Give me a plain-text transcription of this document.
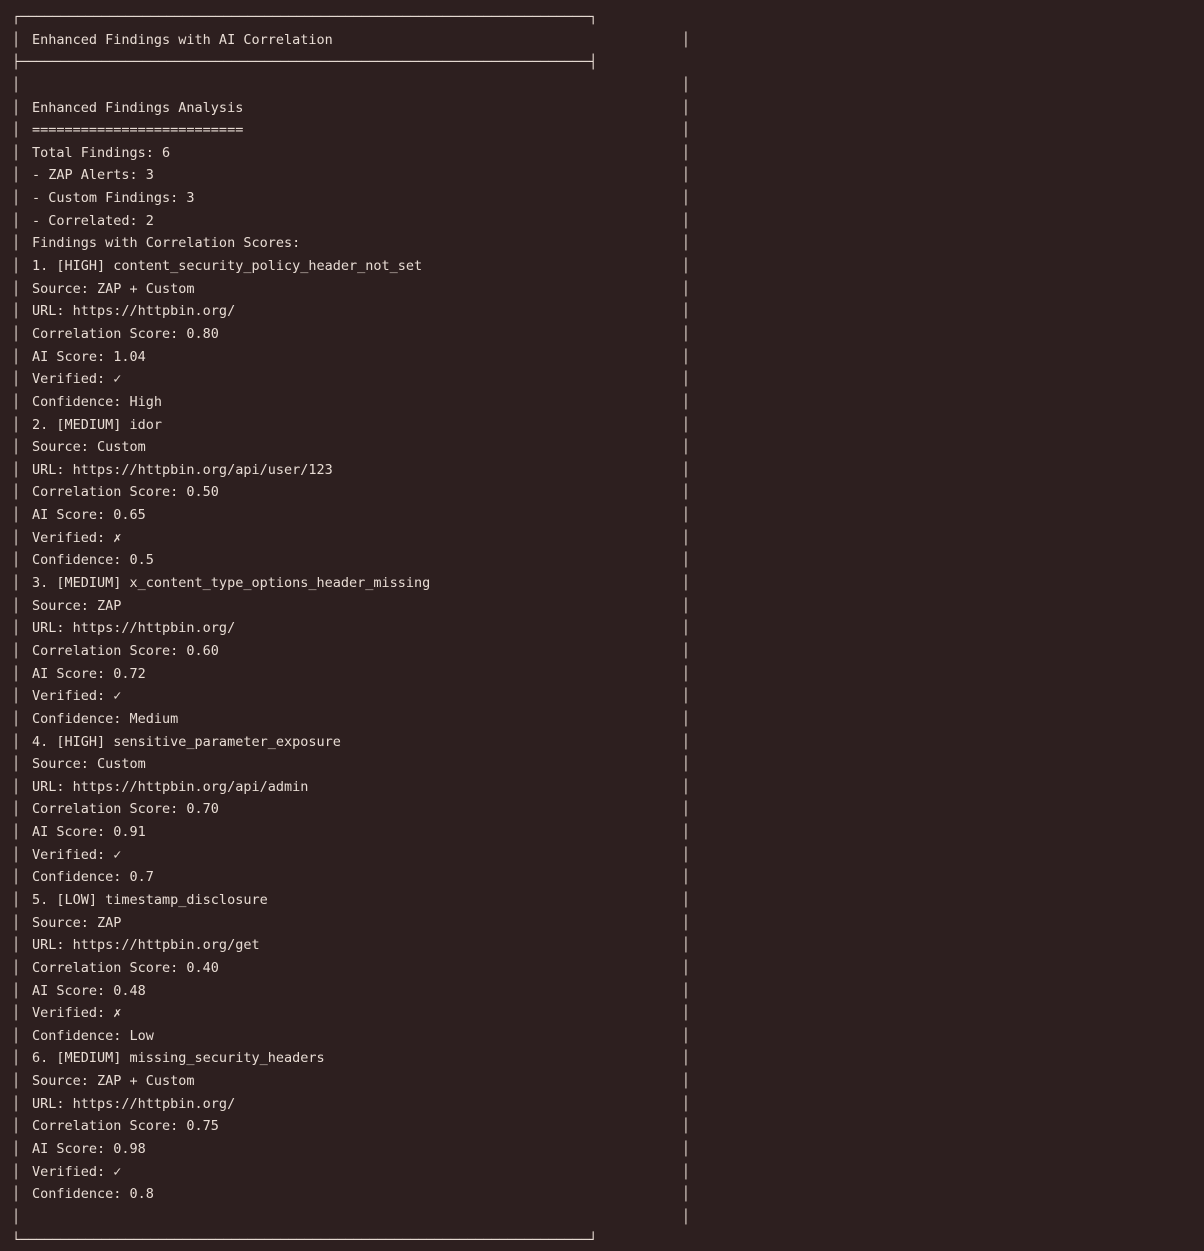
┌──────────────────────────────────────────────────────────────────────┐
│ Enhanced Findings with AI Correlation	│
├──────────────────────────────────────────────────────────────────────┤
│	│
│ Enhanced Findings Analysis	│
│ ==========================	│
│ Total Findings: 6	│
│ - ZAP Alerts: 3	│
│ - Custom Findings: 3	│
│ - Correlated: 2	│
│ Findings with Correlation Scores:	│
│ 1. [HIGH] content_security_policy_header_not_set	│
│ Source: ZAP + Custom	│
│ URL: https://httpbin.org/	│
│ Correlation Score: 0.80	│
│ AI Score: 1.04	│
│ Verified: ✓	│
│ Confidence: High	│
│ 2. [MEDIUM] idor	│
│ Source: Custom	│
│ URL: https://httpbin.org/api/user/123	│
│ Correlation Score: 0.50	│
│ AI Score: 0.65	│
│ Verified: ✗	│
│ Confidence: 0.5	│
│ 3. [MEDIUM] x_content_type_options_header_missing	│
│ Source: ZAP	│
│ URL: https://httpbin.org/	│
│ Correlation Score: 0.60	│
│ AI Score: 0.72	│
│ Verified: ✓	│
│ Confidence: Medium	│
│ 4. [HIGH] sensitive_parameter_exposure	│
│ Source: Custom	│
│ URL: https://httpbin.org/api/admin	│
│ Correlation Score: 0.70	│
│ AI Score: 0.91	│
│ Verified: ✓	│
│ Confidence: 0.7	│
│ 5. [LOW] timestamp_disclosure	│
│ Source: ZAP	│
│ URL: https://httpbin.org/get	│
│ Correlation Score: 0.40	│
│ AI Score: 0.48	│
│ Verified: ✗	│
│ Confidence: Low	│
│ 6. [MEDIUM] missing_security_headers	│
│ Source: ZAP + Custom	│
│ URL: https://httpbin.org/	│
│ Correlation Score: 0.75	│
│ AI Score: 0.98	│
│ Verified: ✓	│
│ Confidence: 0.8	│
│	│
└──────────────────────────────────────────────────────────────────────┘
